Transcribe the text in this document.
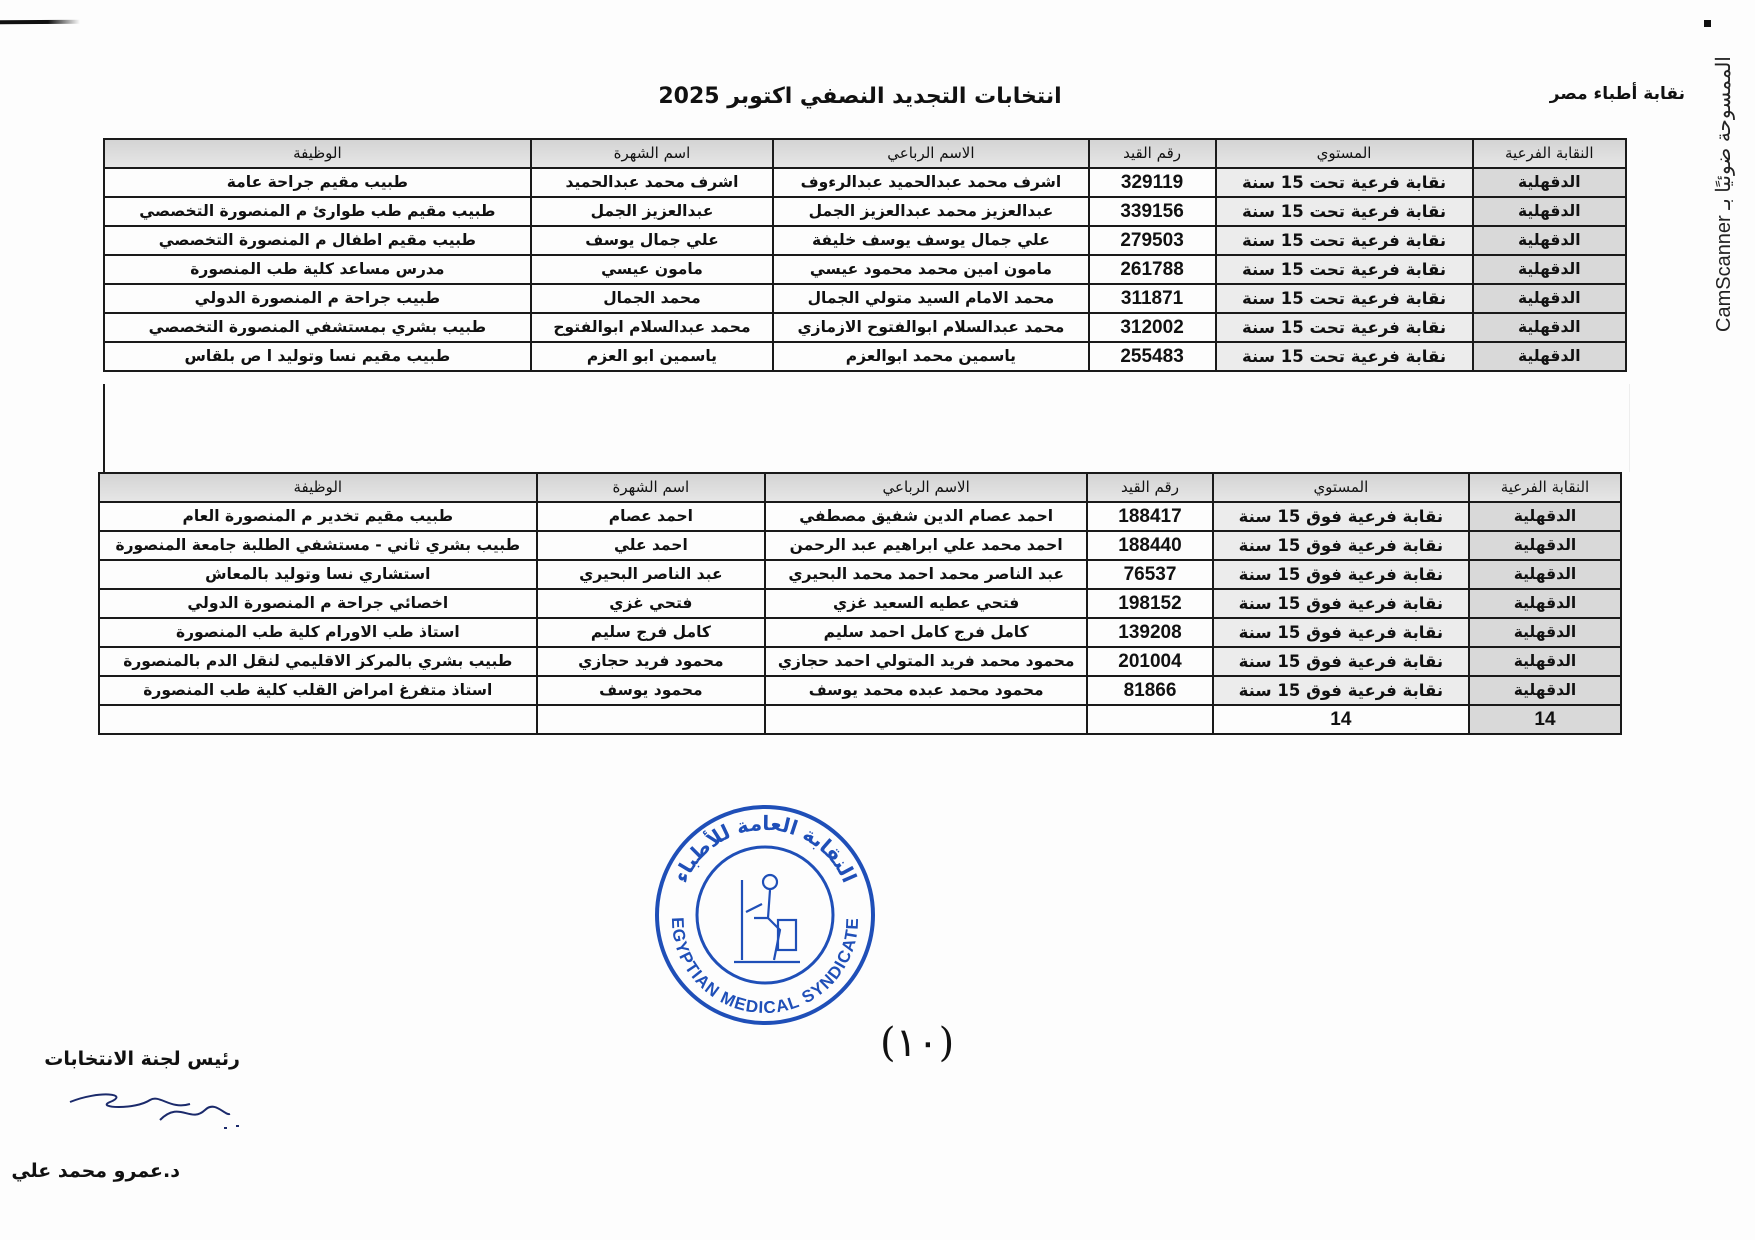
الممسوحة ضوئيًا بـ CamScanner
نقابة أطباء مصر
انتخابات التجديد النصفي اكتوبر 2025
النقابة الفرعية	المستوي	رقم القيد	الاسم الرباعي	اسم الشهرة	الوظيفة
الدقهلية	نقابة فرعية تحت 15 سنة	329119	اشرف محمد عبدالحميد عبدالرءوف	اشرف محمد عبدالحميد	طبيب مقيم جراحة عامة
الدقهلية	نقابة فرعية تحت 15 سنة	339156	عبدالعزيز محمد عبدالعزيز الجمل	عبدالعزيز الجمل	طبيب مقيم طب طوارئ م المنصورة التخصصي
الدقهلية	نقابة فرعية تحت 15 سنة	279503	علي جمال يوسف يوسف خليفة	علي جمال يوسف	طبيب مقيم اطفال م المنصورة التخصصي
الدقهلية	نقابة فرعية تحت 15 سنة	261788	مامون امين محمد محمود عيسي	مامون عيسي	مدرس مساعد كلية طب المنصورة
الدقهلية	نقابة فرعية تحت 15 سنة	311871	محمد الامام السيد متولي الجمال	محمد الجمال	طبيب جراحة م المنصورة الدولي
الدقهلية	نقابة فرعية تحت 15 سنة	312002	محمد عبدالسلام ابوالفتوح الازمازي	محمد عبدالسلام ابوالفتوح	طبيب بشري بمستشفي المنصورة التخصصي
الدقهلية	نقابة فرعية تحت 15 سنة	255483	ياسمين محمد ابوالعزم	ياسمين ابو العزم	طبيب مقيم نسا وتوليد ا ص بلقاس
النقابة الفرعية	المستوي	رقم القيد	الاسم الرباعي	اسم الشهرة	الوظيفة
الدقهلية	نقابة فرعية فوق 15 سنة	188417	احمد عصام الدين شفيق مصطفي	احمد عصام	طبيب مقيم تخدير م المنصورة العام
الدقهلية	نقابة فرعية فوق 15 سنة	188440	احمد محمد علي ابراهيم عبد الرحمن	احمد علي	طبيب بشري ثاني - مستشفي الطلبة جامعة المنصورة
الدقهلية	نقابة فرعية فوق 15 سنة	76537	عبد الناصر محمد احمد محمد البحيري	عبد الناصر البحيري	استشاري نسا وتوليد بالمعاش
الدقهلية	نقابة فرعية فوق 15 سنة	198152	فتحي عطيه السعيد غزي	فتحي غزي	اخصائي جراحة م المنصورة الدولي
الدقهلية	نقابة فرعية فوق 15 سنة	139208	كامل فرج كامل احمد سليم	كامل فرج سليم	استاذ طب الاورام كلية طب المنصورة
الدقهلية	نقابة فرعية فوق 15 سنة	201004	محمود محمد فريد المتولي احمد حجازي	محمود فريد حجازي	طبيب بشري بالمركز الاقليمي لنقل الدم بالمنصورة
الدقهلية	نقابة فرعية فوق 15 سنة	81866	محمود محمد عبده محمد يوسف	محمود يوسف	استاذ متفرغ امراض القلب كلية طب المنصورة
14	14				
النقابة العامة للأطباء
EGYPTIAN MEDICAL SYNDICATE
(١٠)
رئيس لجنة الانتخابات
د.عمرو محمد علي
